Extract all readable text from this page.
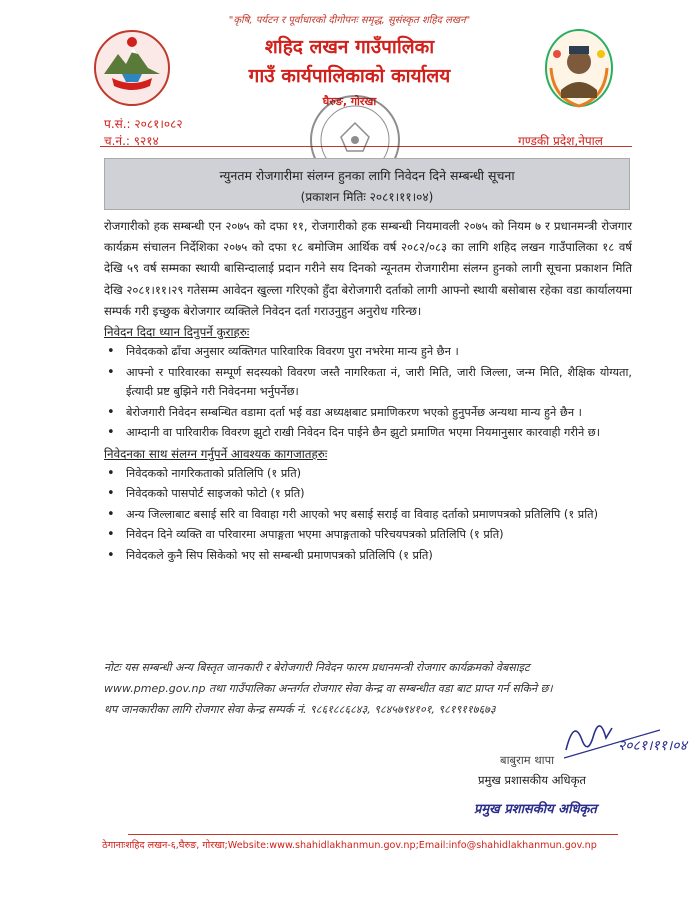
"कृषि, पर्यटन र पूर्वाधारको दीगोपनः समृद्ध, सुसंस्कृत शहिद लखन"
शहिद लखन गाउँपालिका
गाउँ कार्यपालिकाको कार्यालय
घैरुङ, गोरखा
प.सं.: २०८१।०८२
च.नं.: ९२१४	गण्डकी प्रदेश,नेपाल
न्युनतम रोजगारीमा संलग्न हुनका लागि निवेदन दिने सम्बन्धी सूचना
(प्रकाशन मितिः २०८१।११।०४)
रोजगारीको हक सम्बन्धी एन २०७५ को दफा ११, रोजगारीको हक सम्बन्धी नियमावली २०७५ को नियम ७ र प्रधानमन्त्री रोजगार कार्यक्रम संचालन निर्देशिका २०७५ को दफा १८ बमोजिम आर्थिक वर्ष २०८२/०८३ का लागि शहिद लखन गाउँपालिका १८ वर्ष देखि ५९ वर्ष सम्मका स्थायी बासिन्दालाई प्रदान गरीने सय दिनको न्यूनतम रोजगारीमा संलग्न हुनको लागी सूचना प्रकाशन मिति देखि २०८१।११।२९ गतेसम्म आवेदन खुल्ला गरिएको हुँदा बेरोजगारी दर्ताको लागी आफ्नो स्थायी बसोबास रहेका वडा कार्यालयमा सम्पर्क गरी इच्छुक बेरोजगार व्यक्तिले निवेदन दर्ता गराउनुहुन अनुरोध गरिन्छ।
निवेदन दिदा ध्यान दिनुपर्ने कुराहरुः
• निवेदकको ढाँचा अनुसार व्यक्तिगत पारिवारिक विवरण पुरा नभरेमा मान्य हुने छैन ।
• आफ्नो र पारिवारका सम्पूर्ण सदस्यको विवरण जस्तै नागरिकता नं, जारी मिति, जारी जिल्ला, जन्म मिति, शैक्षिक योग्यता, ईत्यादी प्रष्ट बुझिने गरी निवेदनमा भर्नुपर्नेछ।
• बेरोजगारी निवेदन सम्बन्धित वडामा दर्ता भई वडा अध्यक्षबाट प्रमाणिकरण भएको हुनुपर्नेछ अन्यथा मान्य हुने छैन ।
• आम्दानी वा पारिवारीक विवरण झुटो राखी निवेदन दिन पाईने छैन झुटो प्रमाणित भएमा नियमानुसार कारवाही गरीने छ।
निवेदनका साथ संलग्न गर्नुपर्ने आवश्यक कागजातहरुः
• निवेदकको नागरिकताको प्रतिलिपि (१ प्रति)
• निवेदकको पासपोर्ट साइजको फोटो (१ प्रति)
• अन्य जिल्लाबाट बसाई सरि वा विवाहा गरी आएको भए बसाई सराई वा विवाह दर्ताको प्रमाणपत्रको प्रतिलिपि (१ प्रति)
• निवेदन दिने व्यक्ति वा परिवारमा अपाङ्गता भएमा अपाङ्गताको परिचयपत्रको प्रतिलिपि (१ प्रति)
• निवेदकले कुनै सिप सिकेको भए सो सम्बन्धी प्रमाणपत्रको प्रतिलिपि (१ प्रति)
नोटः यस सम्बन्धी अन्य बिस्तृत जानकारी र बेरोजगारी निवेदन फारम प्रधानमन्त्री रोजगार कार्यक्रमको वेबसाइट
www.pmep.gov.np तथा गाउँपालिका अन्तर्गत रोजगार सेवा केन्द्र वा सम्बन्धीत वडा बाट प्राप्त गर्न सकिने छ।
थप जानकारीका लागि रोजगार सेवा केन्द्र सम्पर्क नं. ९८६१८८६८४३, ९८४५७९४१०१, ९८१९११७६७३
२०८१।११।०४
बाबुराम थापा
प्रमुख प्रशासकीय अधिकृत
प्रमुख प्रशासकीय अधिकृत
ठेगानाःशहिद लखन-६,घैरुङ, गोरखा;Website:www.shahidlakhanmun.gov.np;Email:info@shahidlakhanmun.gov.np
